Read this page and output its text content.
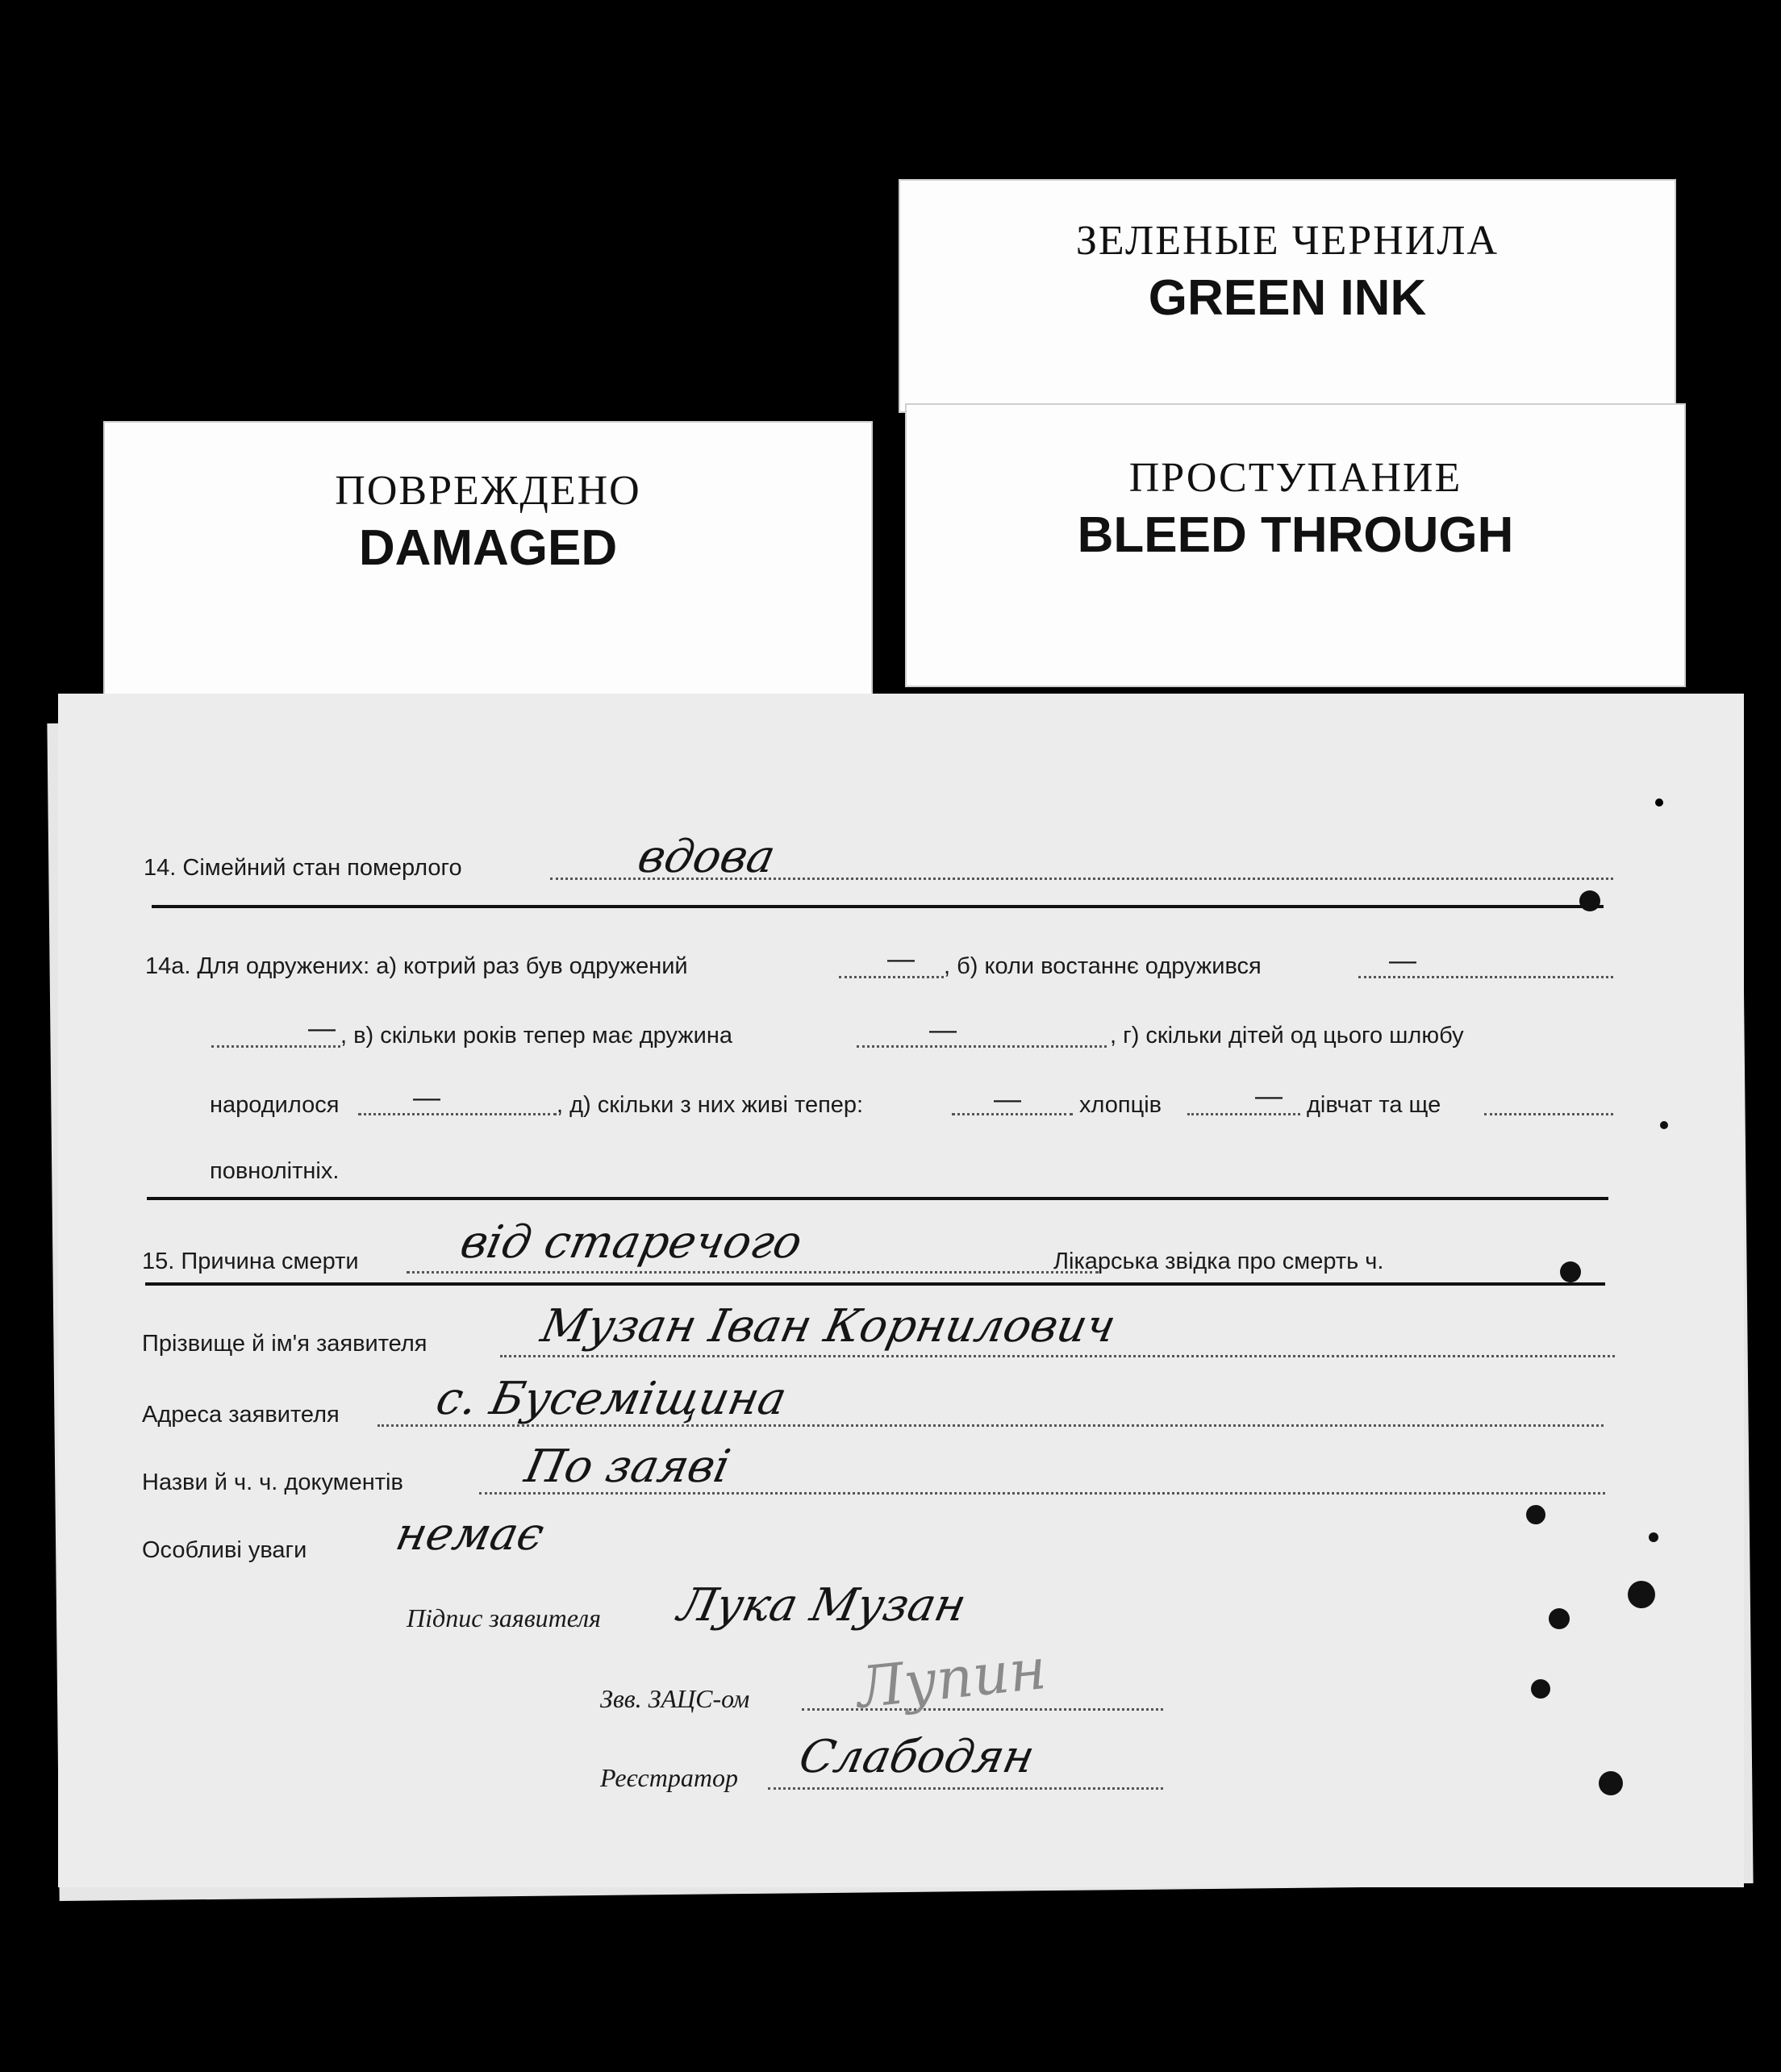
ЗЕЛЕНЫЕ ЧЕРНИЛА
GREEN INK
ПРОСТУПАНИЕ
BLEED THROUGH
ПОВРЕЖДЕНО
DAMAGED
14. Сімейний стан померлого	вдова
14а. Для одружених: а) котрий раз був одружений	— , б) коли востаннє одружився	—
— , в) скільки років тепер має дружина	—	, г) скільки дітей од цього шлюбу
народилося	—	, д) скільки з них живі тепер:	— хлопців	— дівчат та ще
повнолітніх.
15. Причина смерти від старечого	Лікарська звідка про смерть ч.
Прізвище й ім'я заявителя Музан Іван Корнилович
Адреса заявителя с. Бусеміщина
Назви й ч. ч. документів	По заяві
Особливі уваги немає
Підпис заявителя Лука Музан
Звв. ЗАЦС-ом Лупин
Реєстратор Слабодян
